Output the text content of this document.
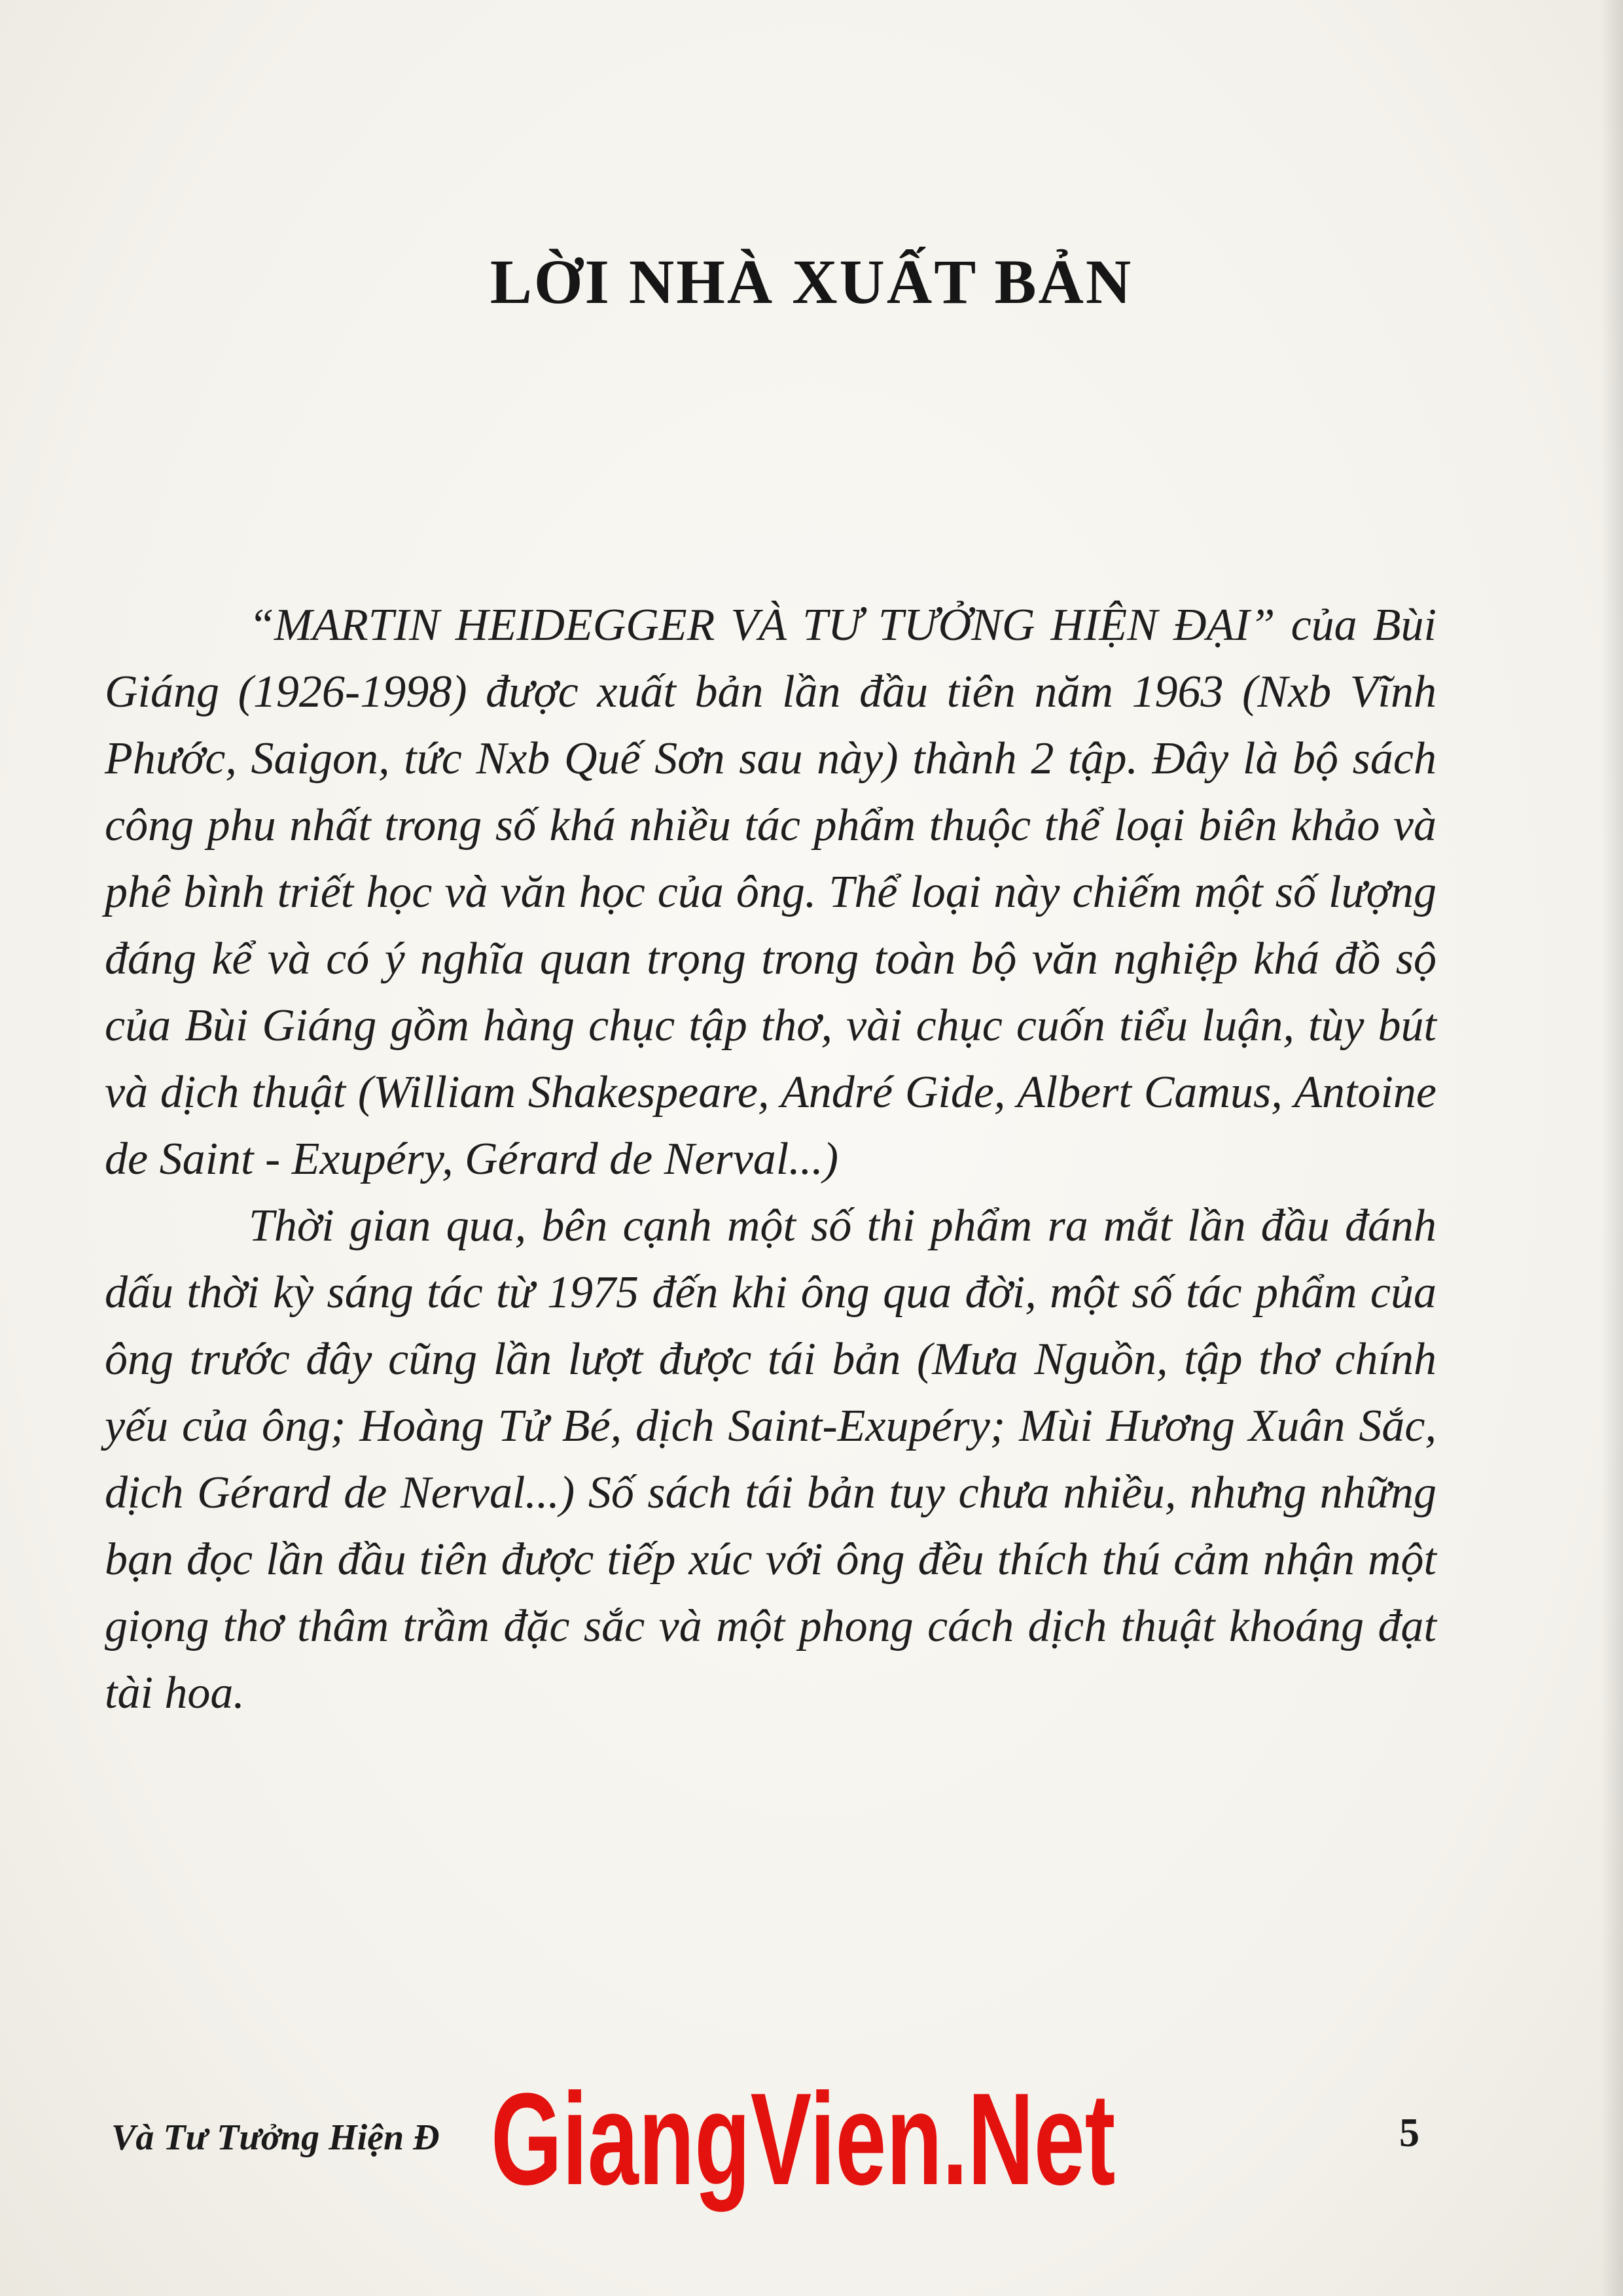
LỜI NHÀ XUẤT BẢN

“MARTIN HEIDEGGER VÀ TƯ TƯỞNG HIỆN ĐẠI” của Bùi Giáng (1926-1998) được xuất bản lần đầu tiên năm 1963 (Nxb Vĩnh Phước, Saigon, tức Nxb Quế Sơn sau này) thành 2 tập. Đây là bộ sách công phu nhất trong số khá nhiều tác phẩm thuộc thể loại biên khảo và phê bình triết học và văn học của ông. Thể loại này chiếm một số lượng đáng kể và có ý nghĩa quan trọng trong toàn bộ văn nghiệp khá đồ sộ của Bùi Giáng gồm hàng chục tập thơ, vài chục cuốn tiểu luận, tùy bút và dịch thuật (William Shakespeare, André Gide, Albert Camus, Antoine de Saint - Exupéry, Gérard de Nerval...)

Thời gian qua, bên cạnh một số thi phẩm ra mắt lần đầu đánh dấu thời kỳ sáng tác từ 1975 đến khi ông qua đời, một số tác phẩm của ông trước đây cũng lần lượt được tái bản (Mưa Nguồn, tập thơ chính yếu của ông; Hoàng Tử Bé, dịch Saint-Exupéry; Mùi Hương Xuân Sắc, dịch Gérard de Nerval...) Số sách tái bản tuy chưa nhiều, nhưng những bạn đọc lần đầu tiên được tiếp xúc với ông đều thích thú cảm nhận một giọng thơ thâm trầm đặc sắc và một phong cách dịch thuật khoáng đạt tài hoa.

Và Tư Tưởng Hiện Đ GiangVien.Net	5
